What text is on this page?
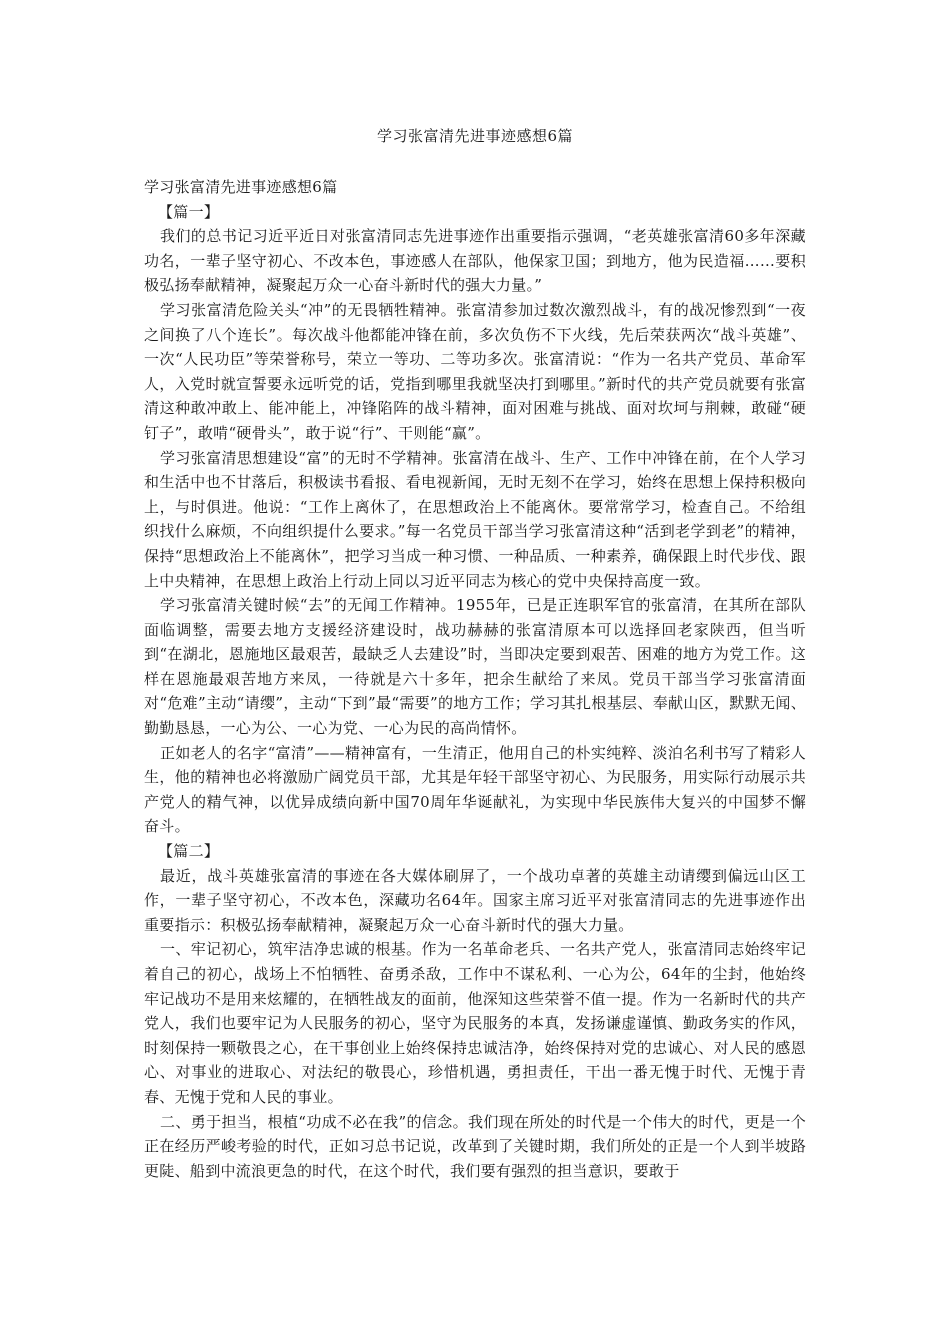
学习张富清先进事迹感想6篇

学习张富清先进事迹感想6篇

【篇一】

我们的总书记习近平近日对张富清同志先进事迹作出重要指示强调，“老英雄张富清60多年深藏功名，一辈子坚守初心、不改本色，事迹感人在部队，他保家卫国；到地方，他为民造福……要积极弘扬奉献精神，凝聚起万众一心奋斗新时代的强大力量。”

学习张富清危险关头“冲”的无畏牺牲精神。张富清参加过数次激烈战斗，有的战况惨烈到“一夜之间换了八个连长”。每次战斗他都能冲锋在前，多次负伤不下火线，先后荣获两次“战斗英雄”、一次“人民功臣”等荣誉称号，荣立一等功、二等功多次。张富清说：“作为一名共产党员、革命军人，入党时就宣誓要永远听党的话，党指到哪里我就坚决打到哪里。”新时代的共产党员就要有张富清这种敢冲敢上、能冲能上，冲锋陷阵的战斗精神，面对困难与挑战、面对坎坷与荆棘，敢碰“硬钉子”，敢啃“硬骨头”，敢于说“行”、干则能“赢”。

学习张富清思想建设“富”的无时不学精神。张富清在战斗、生产、工作中冲锋在前，在个人学习和生活中也不甘落后，积极读书看报、看电视新闻，无时无刻不在学习，始终在思想上保持积极向上，与时俱进。他说：“工作上离休了，在思想政治上不能离休。要常常学习，检查自己。不给组织找什么麻烦，不向组织提什么要求。”每一名党员干部当学习张富清这种“活到老学到老”的精神，保持“思想政治上不能离休”，把学习当成一种习惯、一种品质、一种素养，确保跟上时代步伐、跟上中央精神，在思想上政治上行动上同以习近平同志为核心的党中央保持高度一致。

学习张富清关键时候“去”的无闻工作精神。1955年，已是正连职军官的张富清，在其所在部队面临调整，需要去地方支援经济建设时，战功赫赫的张富清原本可以选择回老家陕西，但当听到“在湖北，恩施地区最艰苦，最缺乏人去建设”时，当即决定要到艰苦、困难的地方为党工作。这样在恩施最艰苦地方来凤，一待就是六十多年，把余生献给了来凤。党员干部当学习张富清面对“危难”主动“请缨”，主动“下到”最“需要”的地方工作；学习其扎根基层、奉献山区，默默无闻、勤勤恳恳，一心为公、一心为党、一心为民的高尚情怀。

正如老人的名字“富清”——精神富有，一生清正，他用自己的朴实纯粹、淡泊名利书写了精彩人生，他的精神也必将激励广阔党员干部，尤其是年轻干部坚守初心、为民服务，用实际行动展示共产党人的精气神，以优异成绩向新中国70周年华诞献礼，为实现中华民族伟大复兴的中国梦不懈奋斗。

【篇二】

最近，战斗英雄张富清的事迹在各大媒体刷屏了，一个战功卓著的英雄主动请缨到偏远山区工作，一辈子坚守初心，不改本色，深藏功名64年。国家主席习近平对张富清同志的先进事迹作出重要指示：积极弘扬奉献精神，凝聚起万众一心奋斗新时代的强大力量。

一、牢记初心，筑牢洁净忠诚的根基。作为一名革命老兵、一名共产党人，张富清同志始终牢记着自己的初心，战场上不怕牺牲、奋勇杀敌，工作中不谋私利、一心为公，64年的尘封，他始终牢记战功不是用来炫耀的，在牺牲战友的面前，他深知这些荣誉不值一提。作为一名新时代的共产党人，我们也要牢记为人民服务的初心，坚守为民服务的本真，发扬谦虚谨慎、勤政务实的作风，时刻保持一颗敬畏之心，在干事创业上始终保持忠诚洁净，始终保持对党的忠诚心、对人民的感恩心、对事业的进取心、对法纪的敬畏心，珍惜机遇，勇担责任，干出一番无愧于时代、无愧于青春、无愧于党和人民的事业。

二、勇于担当，根植“功成不必在我”的信念。我们现在所处的时代是一个伟大的时代，更是一个正在经历严峻考验的时代，正如习总书记说，改革到了关键时期，我们所处的正是一个人到半坡路更陡、船到中流浪更急的时代，在这个时代，我们要有强烈的担当意识，要敢于
